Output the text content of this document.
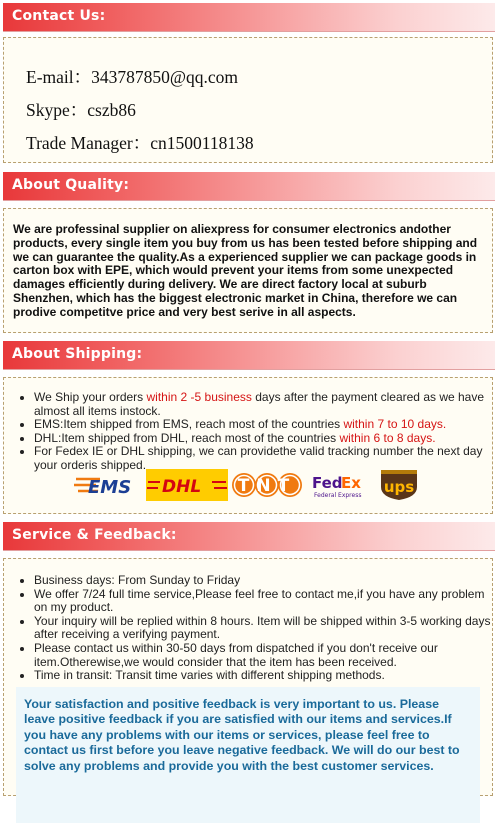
Contact Us:
E-mail：343787850@qq.com
Skype：cszb86
Trade Manager：cn1500118138
About Quality:
We are professinal supplier on aliexpress for consumer electronics andother products, every single item you buy from us has been tested before shipping and we can guarantee the quality.As a experienced supplier we can package goods in carton box with EPE, which would prevent your items from some unexpected damages efficiently during delivery. We are direct factory local at suburb Shenzhen, which has the biggest electronic market in China, therefore we can prodive competitve price and very best serive in all aspects.
About Shipping:
• We Ship your orders within 2 -5 business days after the payment cleared as we have almost all items instock.
• EMS:Item shipped from EMS, reach most of the countries within 7 to 10 days.
• DHL:Item shipped from DHL, reach most of the countries within 6 to 8 days.
• For Fedex IE or DHL shipping, we can providethe valid tracking number the next day your orderis shipped.
EMS DHL TNT Fed
Ex
Federal Express ups
Service & Feedback:
• Business days: From Sunday to Friday
• We offer 7/24 full time service,Please feel free to contact me,if you have any problem on my product.
• Your inquiry will be replied within 8 hours. Item will be shipped within 3-5 working days after receiving a verifying payment.
• Please contact us within 30-50 days from dispatched if you don't receive our item.Otherewise,we would consider that the item has been received.
• Time in transit: Transit time varies with different shipping methods.
Your satisfaction and positive feedback is very important to us. Please leave positive feedback if you are satisfied with our items and services.If you have any problems with our items or services, please feel free to contact us first before you leave negative feedback. We will do our best to solve any problems and provide you with the best customer services.
